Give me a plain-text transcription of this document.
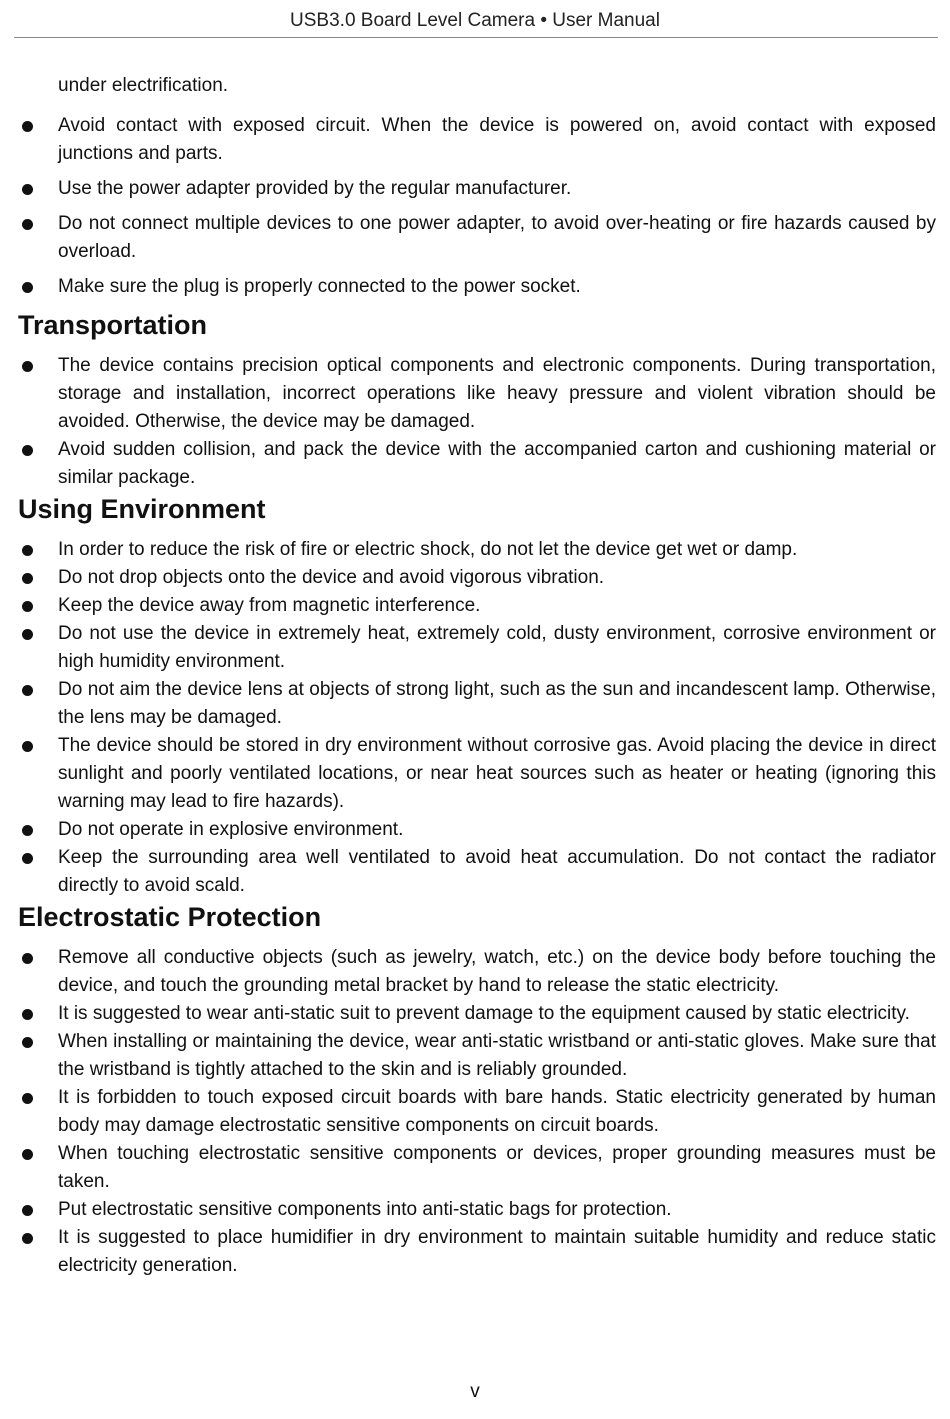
USB3.0 Board Level Camera • User Manual
under electrification.
Avoid contact with exposed circuit. When the device is powered on, avoid contact with exposed junctions and parts.
Use the power adapter provided by the regular manufacturer.
Do not connect multiple devices to one power adapter, to avoid over-heating or fire hazards caused by overload.
Make sure the plug is properly connected to the power socket.
Transportation
The device contains precision optical components and electronic components. During transportation, storage and installation, incorrect operations like heavy pressure and violent vibration should be avoided. Otherwise, the device may be damaged.
Avoid sudden collision, and pack the device with the accompanied carton and cushioning material or similar package.
Using Environment
In order to reduce the risk of fire or electric shock, do not let the device get wet or damp.
Do not drop objects onto the device and avoid vigorous vibration.
Keep the device away from magnetic interference.
Do not use the device in extremely heat, extremely cold, dusty environment, corrosive environment or high humidity environment.
Do not aim the device lens at objects of strong light, such as the sun and incandescent lamp. Otherwise, the lens may be damaged.
The device should be stored in dry environment without corrosive gas. Avoid placing the device in direct sunlight and poorly ventilated locations, or near heat sources such as heater or heating (ignoring this warning may lead to fire hazards).
Do not operate in explosive environment.
Keep the surrounding area well ventilated to avoid heat accumulation. Do not contact the radiator directly to avoid scald.
Electrostatic Protection
Remove all conductive objects (such as jewelry, watch, etc.) on the device body before touching the device, and touch the grounding metal bracket by hand to release the static electricity.
It is suggested to wear anti-static suit to prevent damage to the equipment caused by static electricity.
When installing or maintaining the device, wear anti-static wristband or anti-static gloves. Make sure that the wristband is tightly attached to the skin and is reliably grounded.
It is forbidden to touch exposed circuit boards with bare hands. Static electricity generated by human body may damage electrostatic sensitive components on circuit boards.
When touching electrostatic sensitive components or devices, proper grounding measures must be taken.
Put electrostatic sensitive components into anti-static bags for protection.
It is suggested to place humidifier in dry environment to maintain suitable humidity and reduce static electricity generation.
v
